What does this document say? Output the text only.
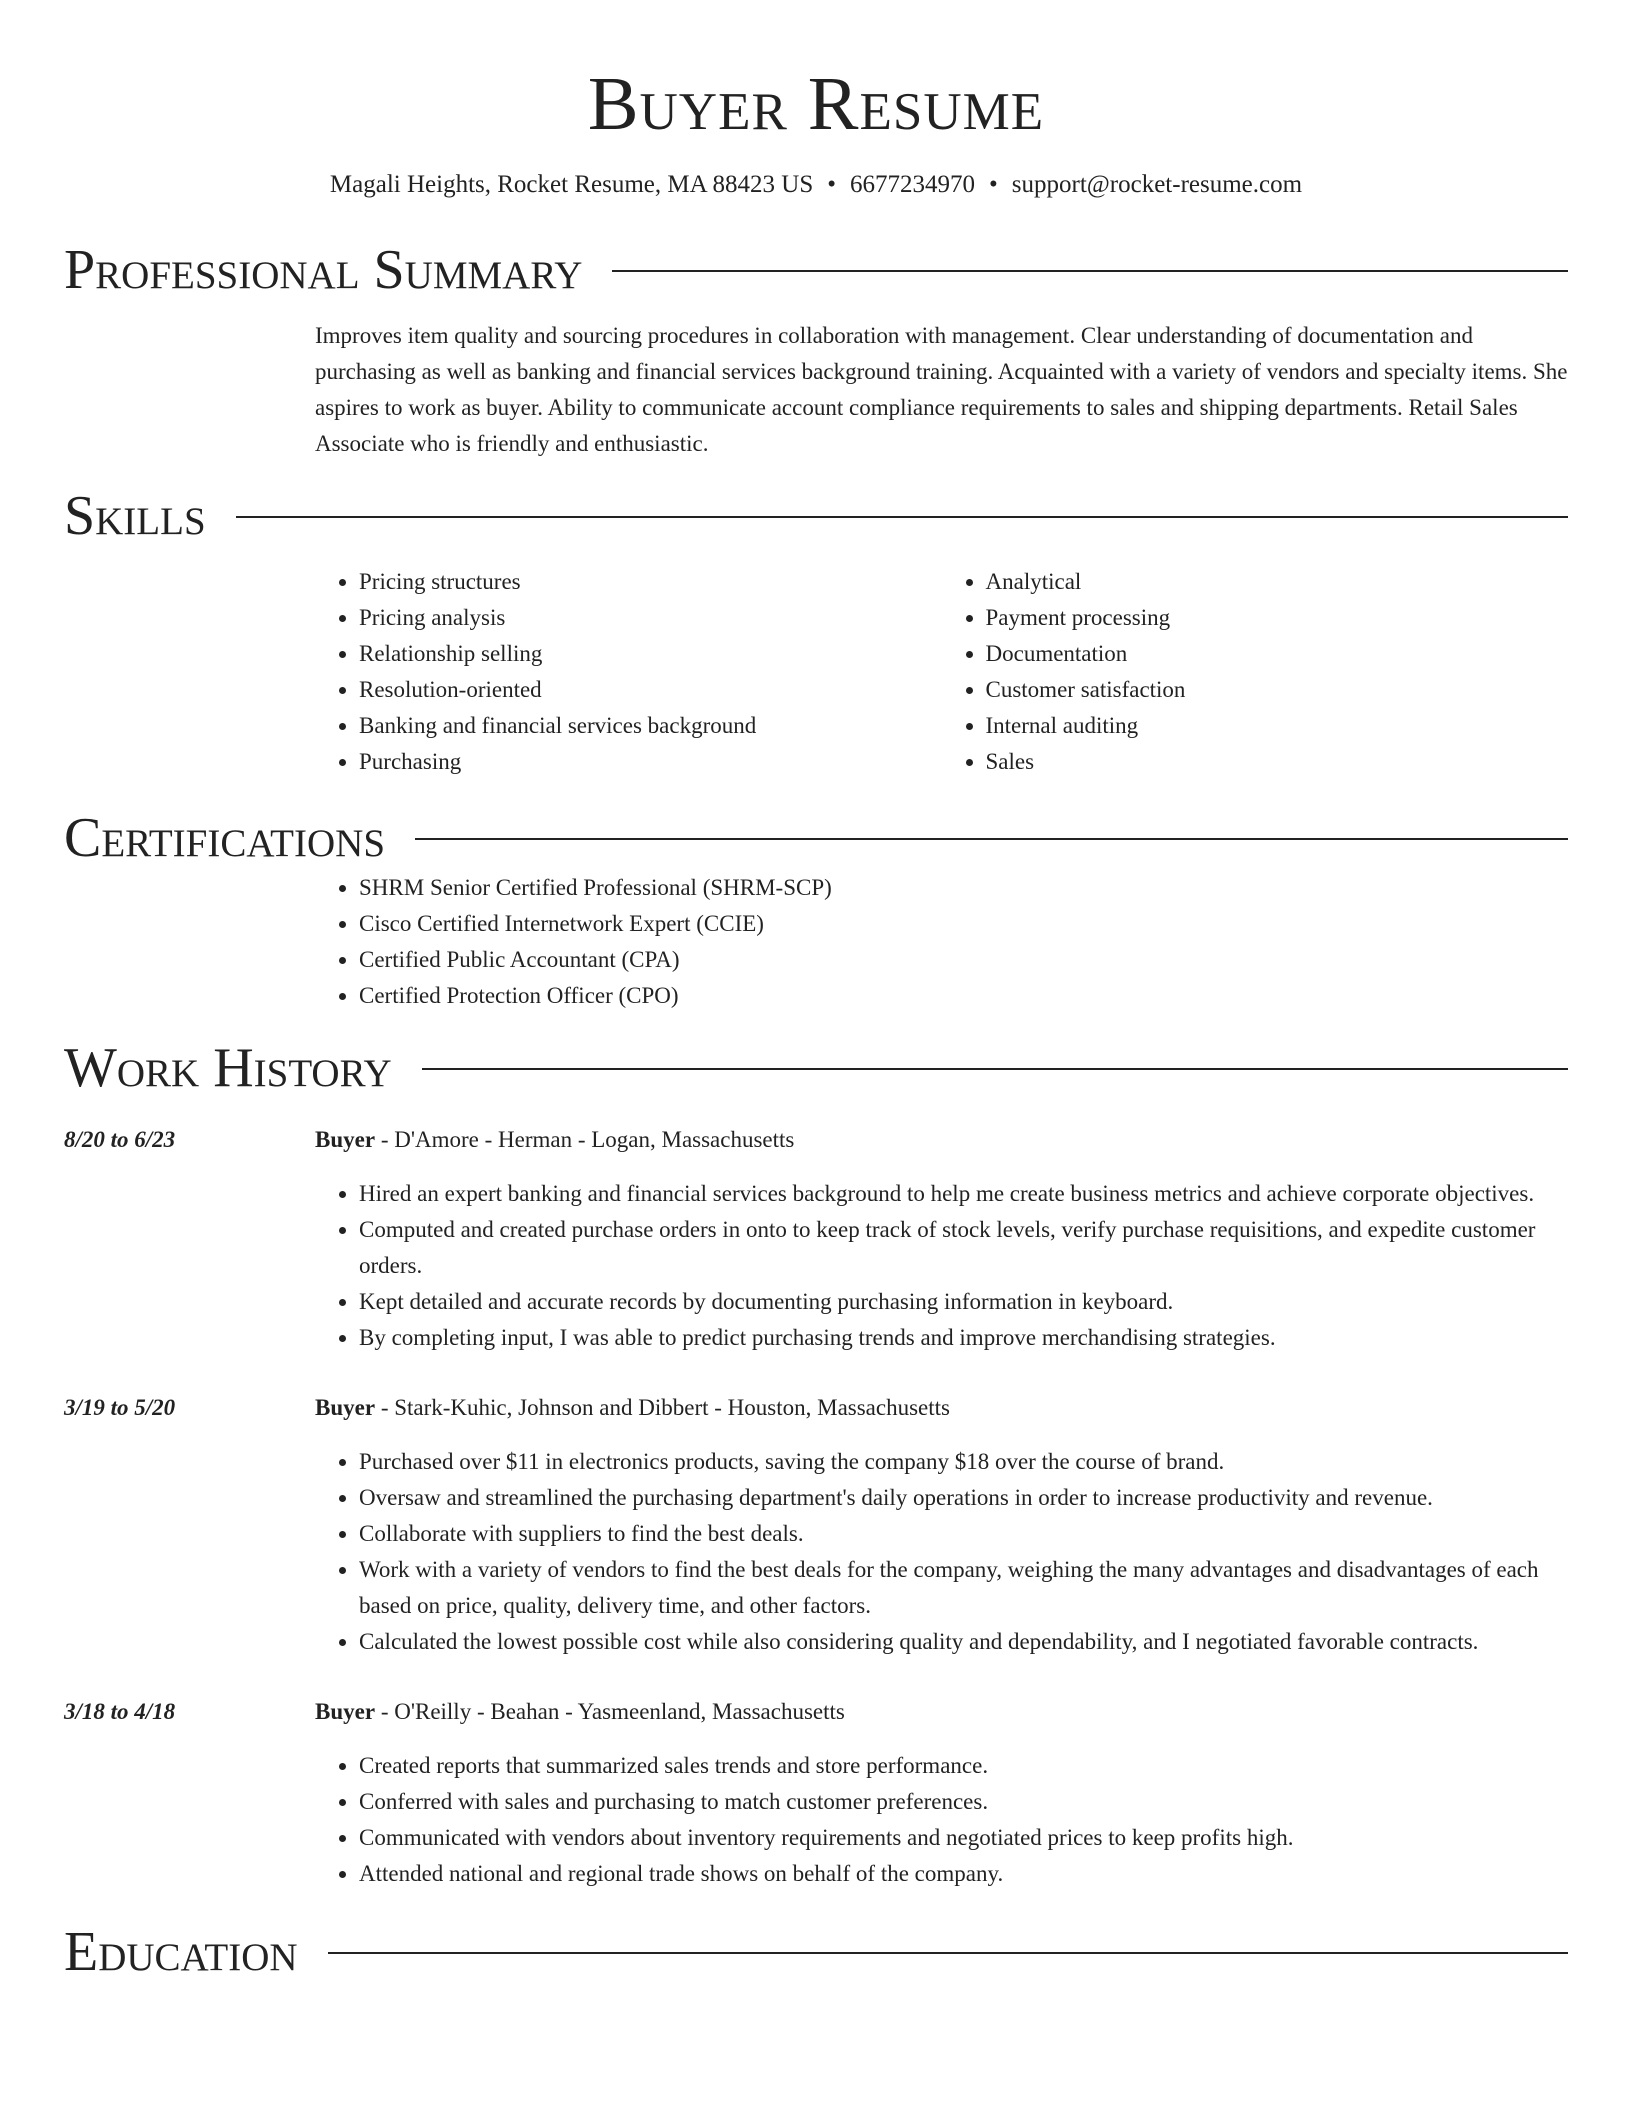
Buyer Resume
Magali Heights, Rocket Resume, MA 88423 US • 6677234970 • support@rocket-resume.com
Professional Summary

Improves item quality and sourcing procedures in collaboration with management. Clear understanding of documentation and purchasing as well as banking and financial services background training. Acquainted with a variety of vendors and specialty items. She aspires to work as buyer. Ability to communicate account compliance requirements to sales and shipping departments. Retail Sales Associate who is friendly and enthusiastic.

Skills
• Pricing structures
• Pricing analysis
• Relationship selling
• Resolution-oriented
• Banking and financial services background
• Purchasing
• Analytical
• Payment processing
• Documentation
• Customer satisfaction
• Internal auditing
• Sales
Certifications
• SHRM Senior Certified Professional (SHRM-SCP)
• Cisco Certified Internetwork Expert (CCIE)
• Certified Public Accountant (CPA)
• Certified Protection Officer (CPO)
Work History
8/20 to 6/23	Buyer - D'Amore - Herman - Logan, Massachusetts
• Hired an expert banking and financial services background to help me create business metrics and achieve corporate objectives.
• Computed and created purchase orders in onto to keep track of stock levels, verify purchase requisitions, and expedite customer orders.
• Kept detailed and accurate records by documenting purchasing information in keyboard.
• By completing input, I was able to predict purchasing trends and improve merchandising strategies.
3/19 to 5/20	Buyer - Stark-Kuhic, Johnson and Dibbert - Houston, Massachusetts
• Purchased over $11 in electronics products, saving the company $18 over the course of brand.
• Oversaw and streamlined the purchasing department's daily operations in order to increase productivity and revenue.
• Collaborate with suppliers to find the best deals.
• Work with a variety of vendors to find the best deals for the company, weighing the many advantages and disadvantages of each based on price, quality, delivery time, and other factors.
• Calculated the lowest possible cost while also considering quality and dependability, and I negotiated favorable contracts.
3/18 to 4/18	Buyer - O'Reilly - Beahan - Yasmeenland, Massachusetts
• Created reports that summarized sales trends and store performance.
• Conferred with sales and purchasing to match customer preferences.
• Communicated with vendors about inventory requirements and negotiated prices to keep profits high.
• Attended national and regional trade shows on behalf of the company.
Education
